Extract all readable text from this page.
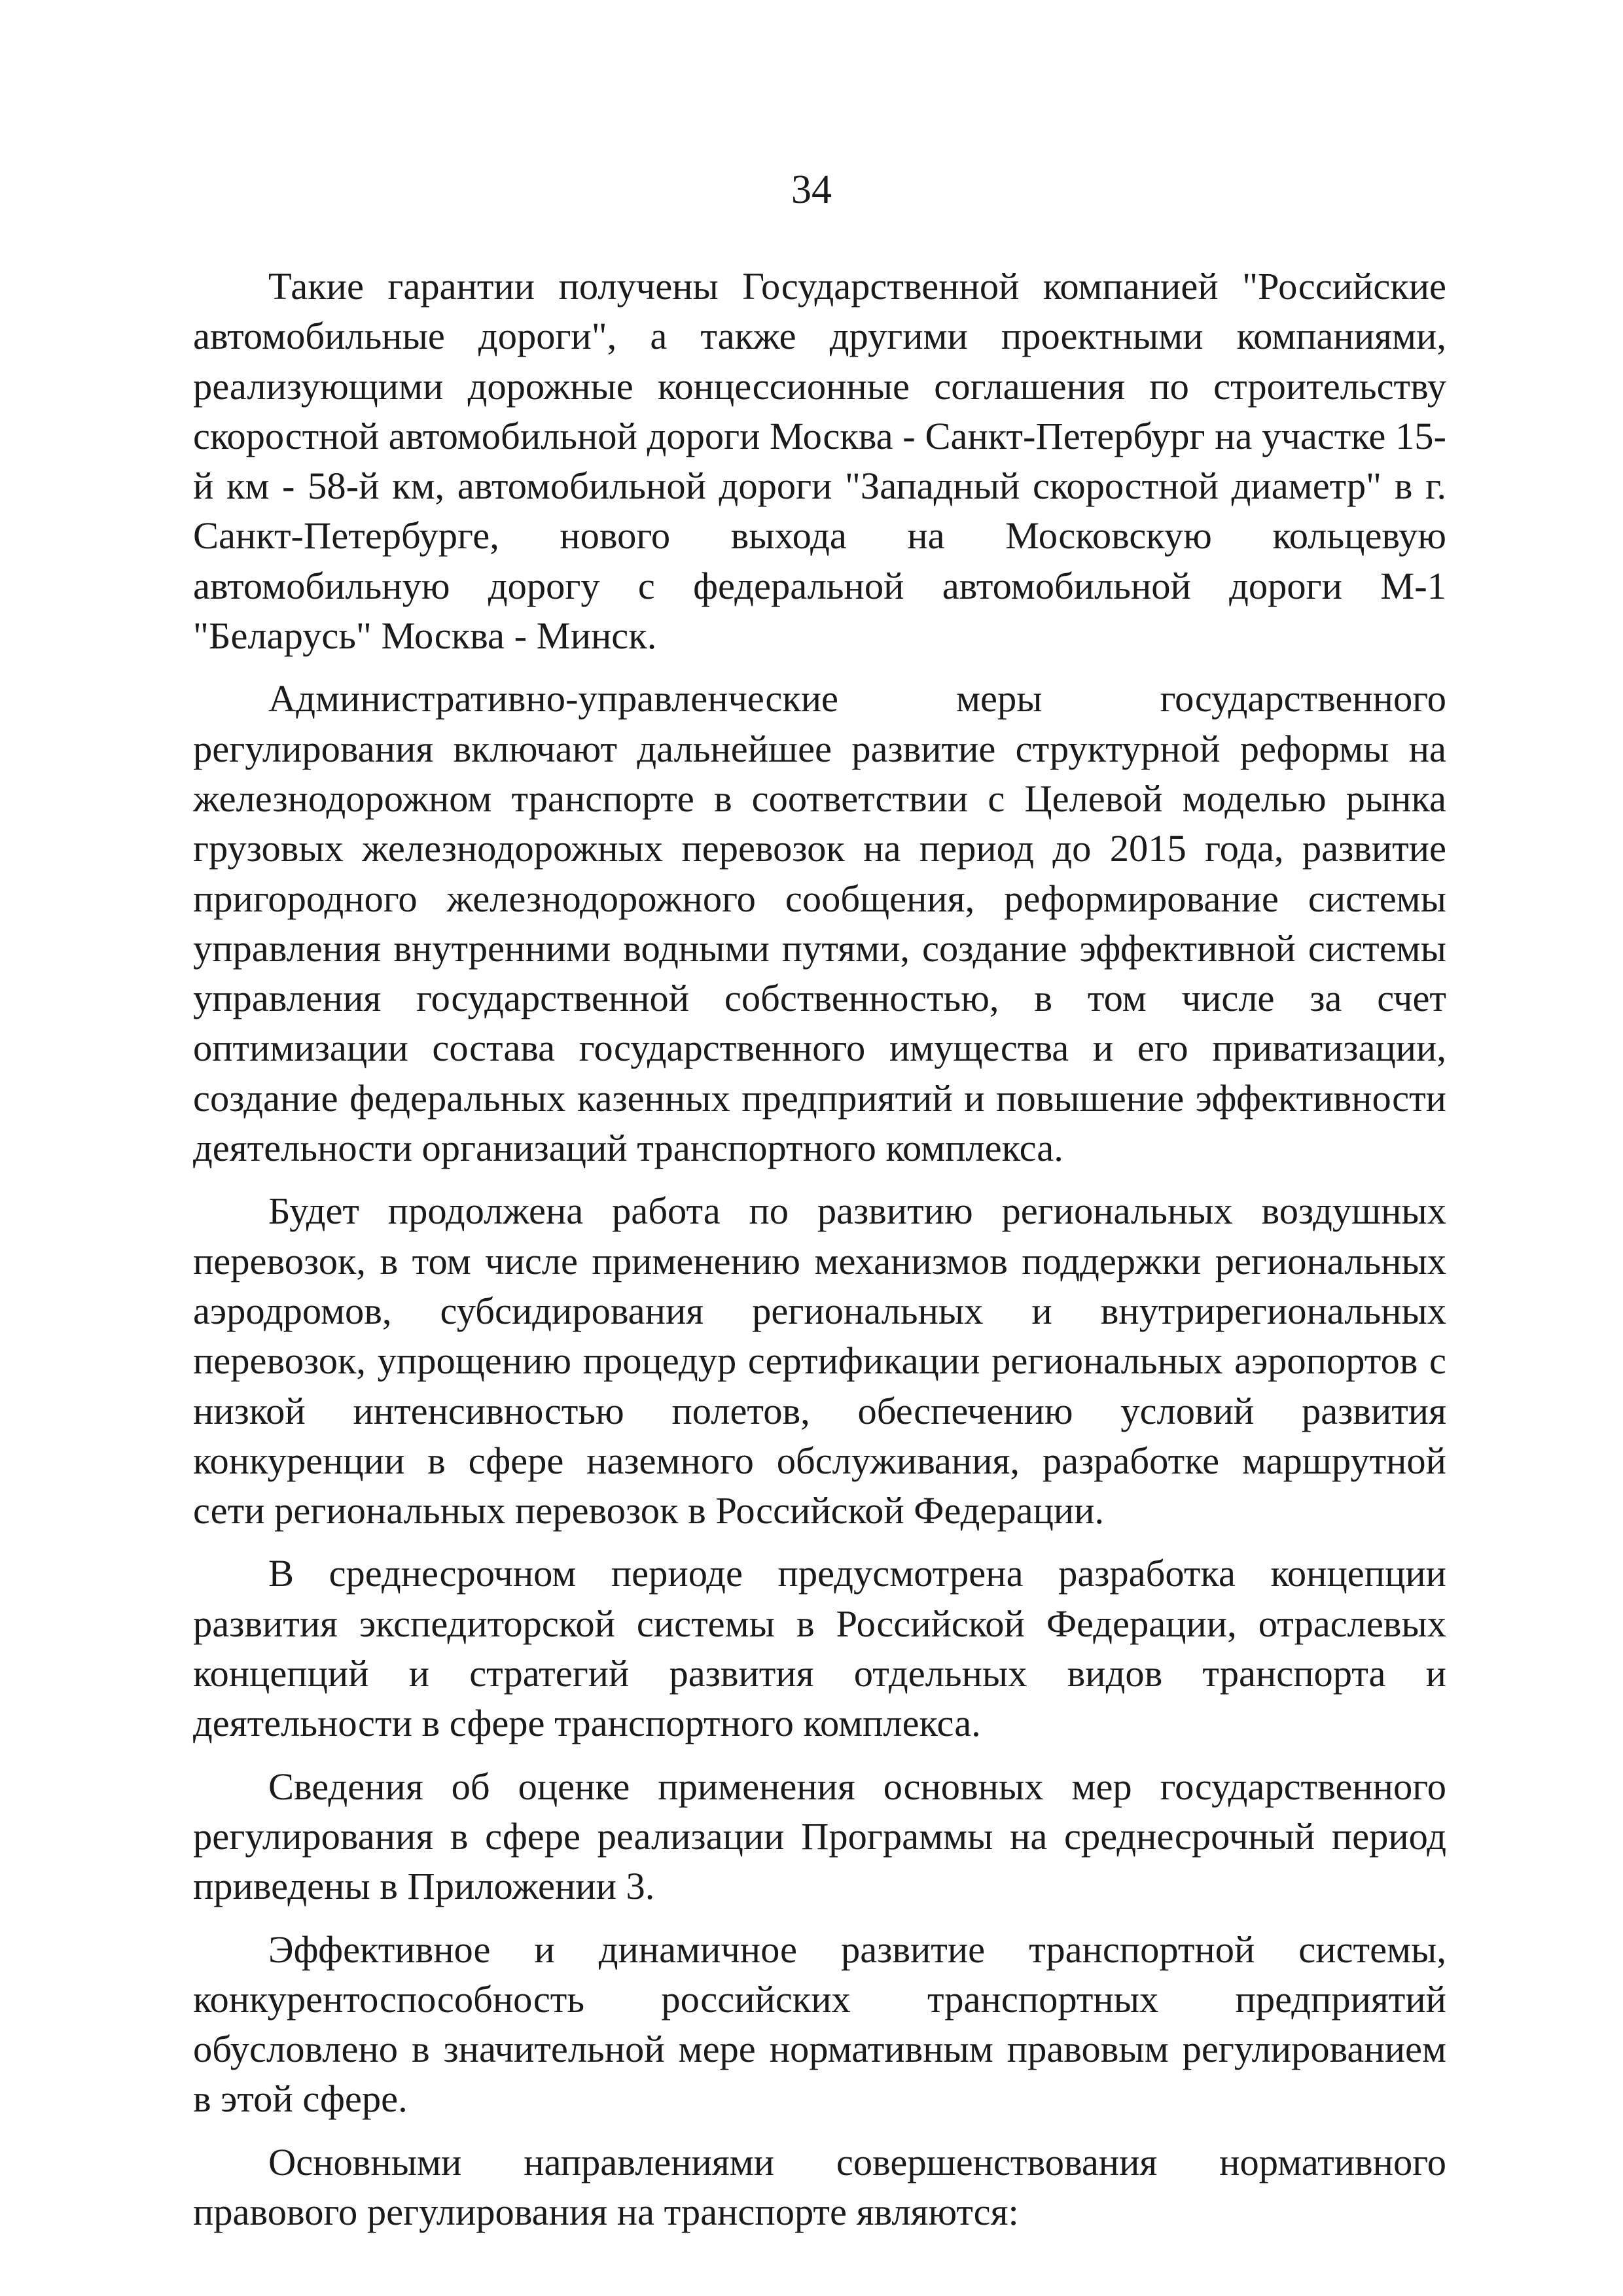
34

Такие гарантии получены Государственной компанией "Российские автомобильные дороги", а также другими проектными компаниями, реализующими дорожные концессионные соглашения по строительству скоростной автомобильной дороги Москва - Санкт-Петербург на участке 15-й км - 58-й км, автомобильной дороги "Западный скоростной диаметр" в г. Санкт-Петербурге, нового выхода на Московскую кольцевую автомобильную дорогу с федеральной автомобильной дороги М-1 "Беларусь" Москва - Минск.

Административно-управленческие меры государственного регулирования включают дальнейшее развитие структурной реформы на железнодорожном транспорте в соответствии с Целевой моделью рынка грузовых железнодорожных перевозок на период до 2015 года, развитие пригородного железнодорожного сообщения, реформирование системы управления внутренними водными путями, создание эффективной системы управления государственной собственностью, в том числе за счет оптимизации состава государственного имущества и его приватизации, создание федеральных казенных предприятий и повышение эффективности деятельности организаций транспортного комплекса.

Будет продолжена работа по развитию региональных воздушных перевозок, в том числе применению механизмов поддержки региональных аэродромов, субсидирования региональных и внутрирегиональных перевозок, упрощению процедур сертификации региональных аэропортов с низкой интенсивностью полетов, обеспечению условий развития конкуренции в сфере наземного обслуживания, разработке маршрутной сети региональных перевозок в Российской Федерации.

В среднесрочном периоде предусмотрена разработка концепции развития экспедиторской системы в Российской Федерации, отраслевых концепций и стратегий развития отдельных видов транспорта и деятельности в сфере транспортного комплекса.

Сведения об оценке применения основных мер государственного регулирования в сфере реализации Программы на среднесрочный период приведены в Приложении 3.

Эффективное и динамичное развитие транспортной системы, конкурентоспособность российских транспортных предприятий обусловлено в значительной мере нормативным правовым регулированием в этой сфере.

Основными направлениями совершенствования нормативного правового регулирования на транспорте являются:
